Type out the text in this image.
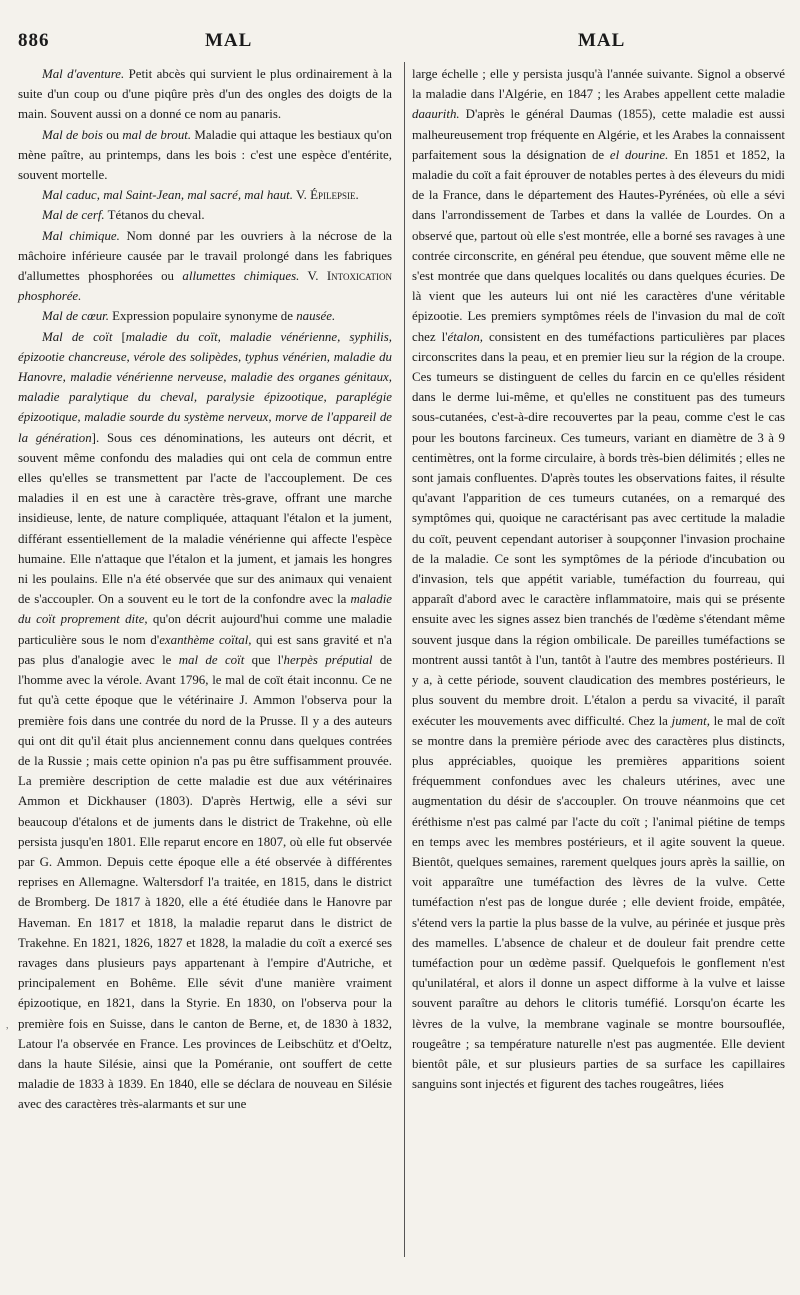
886	MAL	MAL
,

Mal d'aventure. Petit abcès qui survient le plus ordinairement à la suite d'un coup ou d'une piqûre près d'un des ongles des doigts de la main. Souvent aussi on a donné ce nom au panaris.

Mal de bois ou mal de brout. Maladie qui attaque les bestiaux qu'on mène paître, au printemps, dans les bois : c'est une espèce d'entérite, souvent mortelle.

Mal caduc, mal Saint-Jean, mal sacré, mal haut. V. Épilepsie.

Mal de cerf. Tétanos du cheval.

Mal chimique. Nom donné par les ouvriers à la nécrose de la mâchoire inférieure causée par le travail prolongé dans les fabriques d'allumettes phosphorées ou allumettes chimiques. V. Intoxication phosphorée.

Mal de cœur. Expression populaire synonyme de nausée.

Mal de coït [maladie du coït, maladie vénérienne, syphilis, épizootie chancreuse, vérole des solipèdes, typhus vénérien, maladie du Hanovre, maladie vénérienne nerveuse, maladie des organes génitaux, maladie paralytique du cheval, paralysie épizootique, paraplégie épizootique, maladie sourde du système nerveux, morve de l'appareil de la génération]. Sous ces dénominations, les auteurs ont décrit, et souvent même confondu des maladies qui ont cela de commun entre elles qu'elles se transmettent par l'acte de l'accouplement. De ces maladies il en est une à caractère très-grave, offrant une marche insidieuse, lente, de nature compliquée, attaquant l'étalon et la jument, différant essentiellement de la maladie vénérienne qui affecte l'espèce humaine. Elle n'attaque que l'étalon et la jument, et jamais les hongres ni les poulains. Elle n'a été observée que sur des animaux qui venaient de s'accoupler. On a souvent eu le tort de la confondre avec la maladie du coït proprement dite, qu'on décrit aujourd'hui comme une maladie particulière sous le nom d'exanthème coïtal, qui est sans gravité et n'a pas plus d'analogie avec le mal de coït que l'herpès préputial de l'homme avec la vérole. Avant 1796, le mal de coït était inconnu. Ce ne fut qu'à cette époque que le vétérinaire J. Ammon l'observa pour la première fois dans une contrée du nord de la Prusse. Il y a des auteurs qui ont dit qu'il était plus anciennement connu dans quelques contrées de la Russie ; mais cette opinion n'a pas pu être suffisamment prouvée. La première description de cette maladie est due aux vétérinaires Ammon et Dickhauser (1803). D'après Hertwig, elle a sévi sur beaucoup d'étalons et de juments dans le district de Trakehne, où elle persista jusqu'en 1801. Elle reparut encore en 1807, où elle fut observée par G. Ammon. Depuis cette époque elle a été observée à différentes reprises en Allemagne. Waltersdorf l'a traitée, en 1815, dans le district de Bromberg. De 1817 à 1820, elle a été étudiée dans le Hanovre par Haveman. En 1817 et 1818, la maladie reparut dans le district de Trakehne. En 1821, 1826, 1827 et 1828, la maladie du coït a exercé ses ravages dans plusieurs pays appartenant à l'empire d'Autriche, et principalement en Bohême. Elle sévit d'une manière vraiment épizootique, en 1821, dans la Styrie. En 1830, on l'observa pour la première fois en Suisse, dans le canton de Berne, et, de 1830 à 1832, Latour l'a observée en France. Les provinces de Leibschütz et d'Oeltz, dans la haute Silésie, ainsi que la Poméranie, ont souffert de cette maladie de 1833 à 1839. En 1840, elle se déclara de nouveau en Silésie avec des caractères très-alarmants et sur une

large échelle ; elle y persista jusqu'à l'année suivante. Signol a observé la maladie dans l'Algérie, en 1847 ; les Arabes appellent cette maladie daaurith. D'après le général Daumas (1855), cette maladie est aussi malheureusement trop fréquente en Algérie, et les Arabes la connaissent parfaitement sous la désignation de el dourine. En 1851 et 1852, la maladie du coït a fait éprouver de notables pertes à des éleveurs du midi de la France, dans le département des Hautes-Pyrénées, où elle a sévi dans l'arrondissement de Tarbes et dans la vallée de Lourdes. On a observé que, partout où elle s'est montrée, elle a borné ses ravages à une contrée circonscrite, en général peu étendue, que souvent même elle ne s'est montrée que dans quelques localités ou dans quelques écuries. De là vient que les auteurs lui ont nié les caractères d'une véritable épizootie. Les premiers symptômes réels de l'invasion du mal de coït chez l'étalon, consistent en des tuméfactions particulières par places circonscrites dans la peau, et en premier lieu sur la région de la croupe. Ces tumeurs se distinguent de celles du farcin en ce qu'elles résident dans le derme lui-même, et qu'elles ne constituent pas des tumeurs sous-cutanées, c'est-à-dire recouvertes par la peau, comme c'est le cas pour les boutons farcineux. Ces tumeurs, variant en diamètre de 3 à 9 centimètres, ont la forme circulaire, à bords très-bien délimités ; elles ne sont jamais confluentes. D'après toutes les observations faites, il résulte qu'avant l'apparition de ces tumeurs cutanées, on a remarqué des symptômes qui, quoique ne caractérisant pas avec certitude la maladie du coït, peuvent cependant autoriser à soupçonner l'invasion prochaine de la maladie. Ce sont les symptômes de la période d'incubation ou d'invasion, tels que appétit variable, tuméfaction du fourreau, qui apparaît d'abord avec le caractère inflammatoire, mais qui se présente ensuite avec les signes assez bien tranchés de l'œdème s'étendant même souvent jusque dans la région ombilicale. De pareilles tuméfactions se montrent aussi tantôt à l'un, tantôt à l'autre des membres postérieurs. Il y a, à cette période, souvent claudication des membres postérieurs, le plus souvent du membre droit. L'étalon a perdu sa vivacité, il paraît exécuter les mouvements avec difficulté. Chez la jument, le mal de coït se montre dans la première période avec des caractères plus distincts, plus appréciables, quoique les premières apparitions soient fréquemment confondues avec les chaleurs utérines, avec une augmentation du désir de s'accoupler. On trouve néanmoins que cet éréthisme n'est pas calmé par l'acte du coït ; l'animal piétine de temps en temps avec les membres postérieurs, et il agite souvent la queue. Bientôt, quelques semaines, rarement quelques jours après la saillie, on voit apparaître une tuméfaction des lèvres de la vulve. Cette tuméfaction n'est pas de longue durée ; elle devient froide, empâtée, s'étend vers la partie la plus basse de la vulve, au périnée et jusque près des mamelles. L'absence de chaleur et de douleur fait prendre cette tuméfaction pour un œdème passif. Quelquefois le gonflement n'est qu'unilatéral, et alors il donne un aspect difforme à la vulve et laisse souvent paraître au dehors le clitoris tuméfié. Lorsqu'on écarte les lèvres de la vulve, la membrane vaginale se montre boursouflée, rougeâtre ; sa température naturelle n'est pas augmentée. Elle devient bientôt pâle, et sur plusieurs parties de sa surface les capillaires sanguins sont injectés et figurent des taches rougeâtres, liées
